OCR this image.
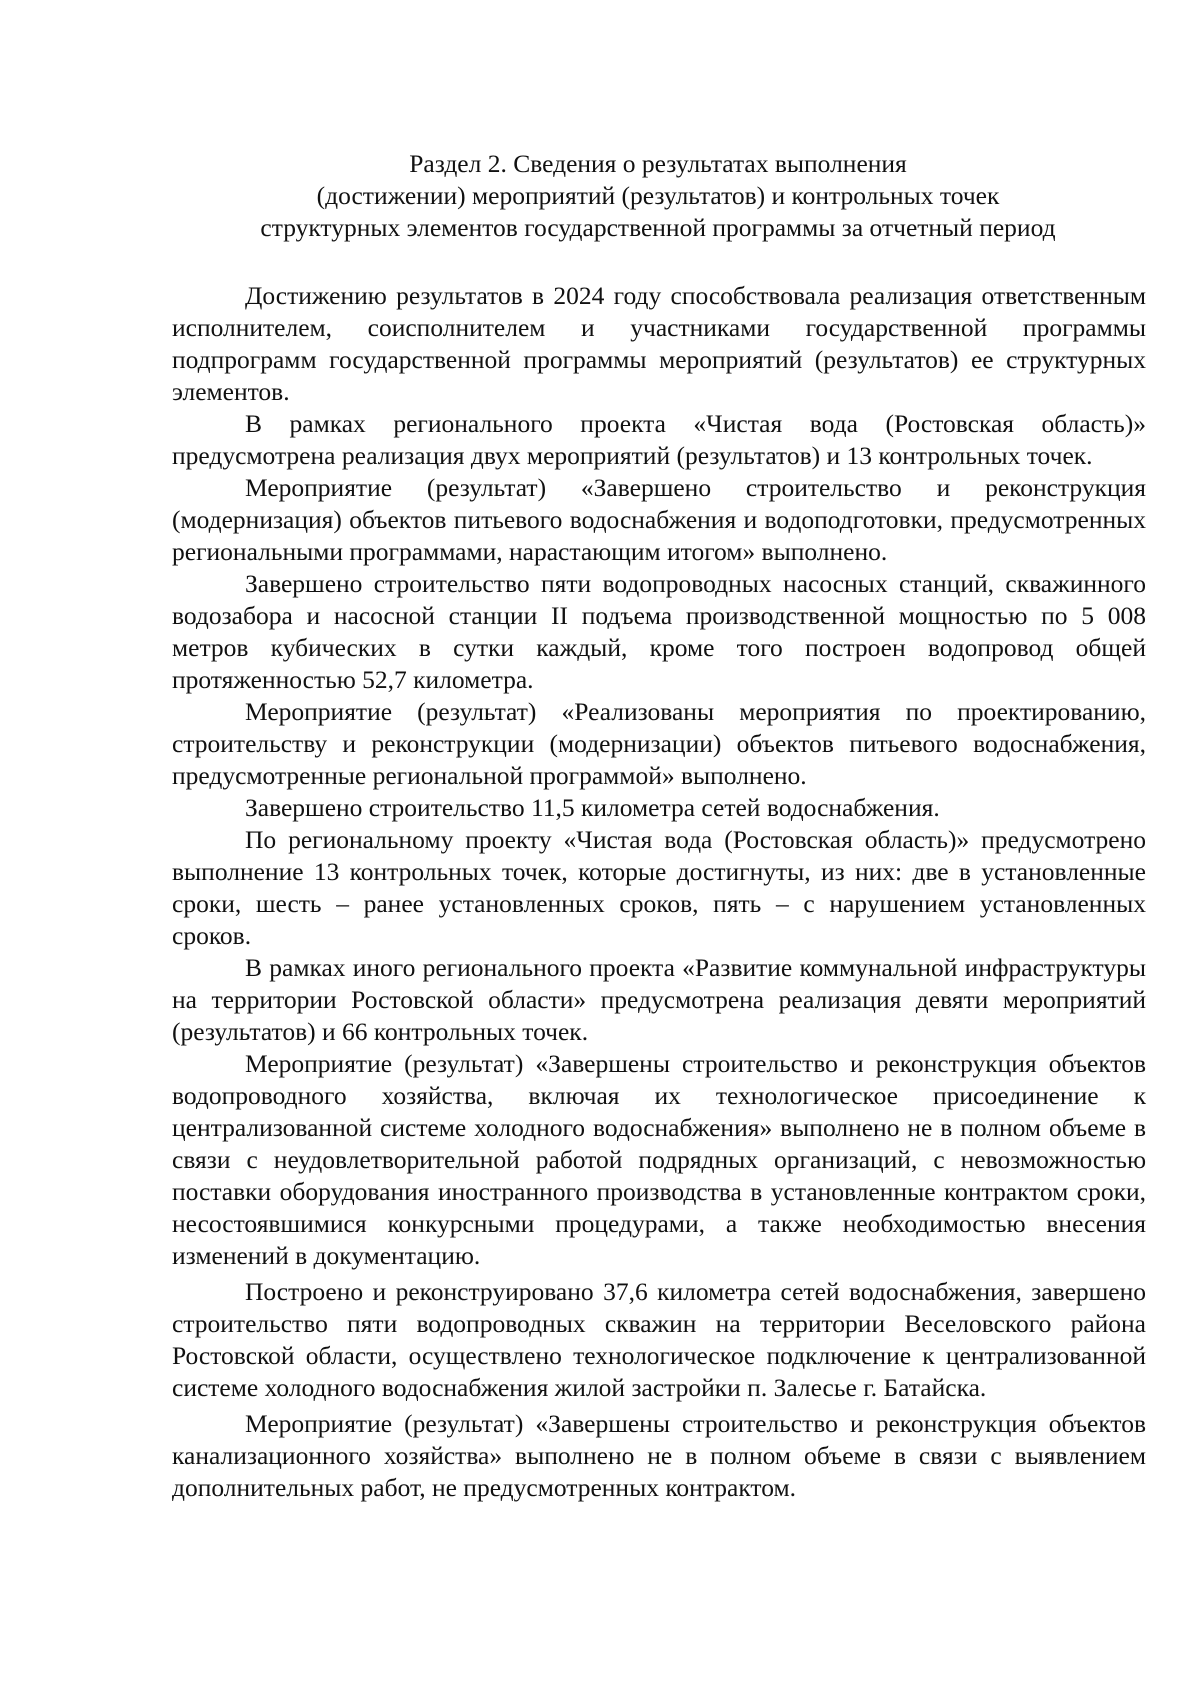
Раздел 2. Сведения о результатах выполнения
(достижении) мероприятий (результатов) и контрольных точек
структурных элементов государственной программы за отчетный период

Достижению результатов в 2024 году способствовала реализация ответственным исполнителем, соисполнителем и участниками государственной программы подпрограмм государственной программы мероприятий (результатов) ее структурных элементов.

В рамках регионального проекта «Чистая вода (Ростовская область)» предусмотрена реализация двух мероприятий (результатов) и 13 контрольных точек.

Мероприятие (результат) «Завершено строительство и реконструкция (модернизация) объектов питьевого водоснабжения и водоподготовки, предусмотренных региональными программами, нарастающим итогом» выполнено.

Завершено строительство пяти водопроводных насосных станций, скважинного водозабора и насосной станции II подъема производственной мощностью по 5 008 метров кубических в сутки каждый, кроме того построен водопровод общей протяженностью 52,7 километра.

Мероприятие (результат) «Реализованы мероприятия по проектированию, строительству и реконструкции (модернизации) объектов питьевого водоснабжения, предусмотренные региональной программой» выполнено.

Завершено строительство 11,5 километра сетей водоснабжения.

По региональному проекту «Чистая вода (Ростовская область)» предусмотрено выполнение 13 контрольных точек, которые достигнуты, из них: две в установленные сроки, шесть – ранее установленных сроков, пять – с нарушением установленных сроков.

В рамках иного регионального проекта «Развитие коммунальной инфраструктуры на территории Ростовской области» предусмотрена реализация девяти мероприятий (результатов) и 66 контрольных точек.

Мероприятие (результат) «Завершены строительство и реконструкция объектов водопроводного хозяйства, включая их технологическое присоединение к централизованной системе холодного водоснабжения» выполнено не в полном объеме в связи с неудовлетворительной работой подрядных организаций, с невозможностью поставки оборудования иностранного производства в установленные контрактом сроки, несостоявшимися конкурсными процедурами, а также необходимостью внесения изменений в документацию.

Построено и реконструировано 37,6 километра сетей водоснабжения, завершено строительство пяти водопроводных скважин на территории Веселовского района Ростовской области, осуществлено технологическое подключение к централизованной системе холодного водоснабжения жилой застройки п. Залесье г. Батайска.

Мероприятие (результат) «Завершены строительство и реконструкция объектов канализационного хозяйства» выполнено не в полном объеме в связи с выявлением дополнительных работ, не предусмотренных контрактом.
